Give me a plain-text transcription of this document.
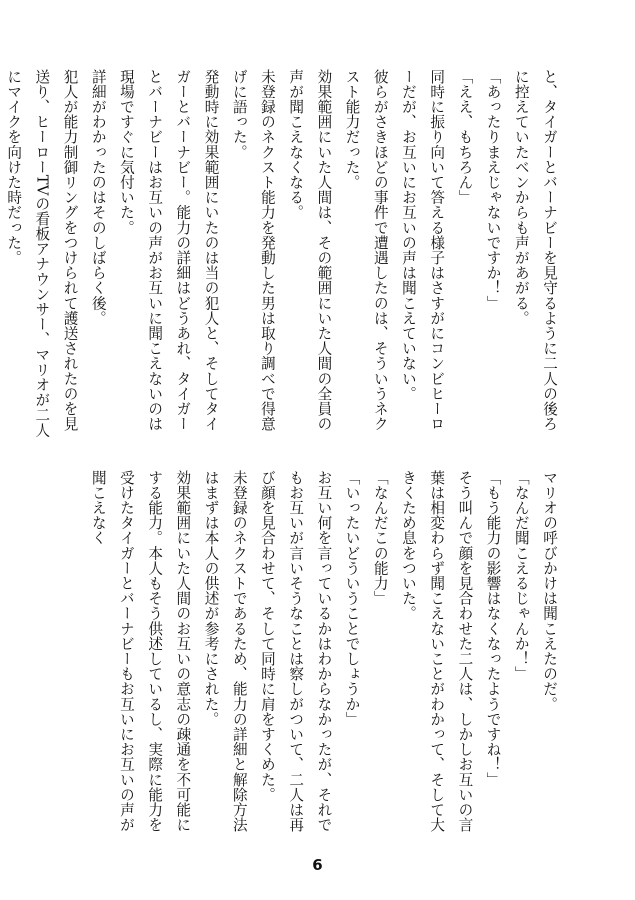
と、タイガーとバーナビーを見守るように二人の後ろに控えていたベンからも声があがる。

「あったりまえじゃないですか！」

「ええ、もちろん」

同時に振り向いて答える様子はさすがにコンビヒーローだが、お互いにお互いの声は聞こえていない。

彼らがさきほどの事件で遭遇したのは、そういうネクスト能力だった。

効果範囲にいた人間は、その範囲にいた人間の全員の声が聞こえなくなる。

未登録のネクスト能力を発動した男は取り調べで得意げに語った。

発動時に効果範囲にいたのは当の犯人と、そしてタイガーとバーナビー。能力の詳細はどうあれ、タイガーとバーナビーはお互いの声がお互いに聞こえないのは現場ですぐに気付いた。

詳細がわかったのはそのしばらく後。

犯人が能力制御リングをつけられて護送されたのを見送り、ヒーローTVの看板アナウンサー、マリオが二人にマイクを向けた時だった。

マリオの呼びかけは聞こえたのだ。

「なんだ聞こえるじゃんか！」

「もう能力の影響はなくなったようですね！」

そう叫んで顔を見合わせた二人は、しかしお互いの言葉は相変わらず聞こえないことがわかって、そして大きくため息をついた。

「なんだこの能力」

「いったいどういうことでしょうか」

お互い何を言っているかはわからなかったが、それでもお互いが言いそうなことは察しがついて、二人は再び顔を見合わせて、そして同時に肩をすくめた。

未登録のネクストであるため、能力の詳細と解除方法はまずは本人の供述が参考にされた。

効果範囲にいた人間のお互いの意志の疎通を不可能にする能力。本人もそう供述しているし、実際に能力を受けたタイガーとバーナビーもお互いにお互いの声が聞こえなく

6
